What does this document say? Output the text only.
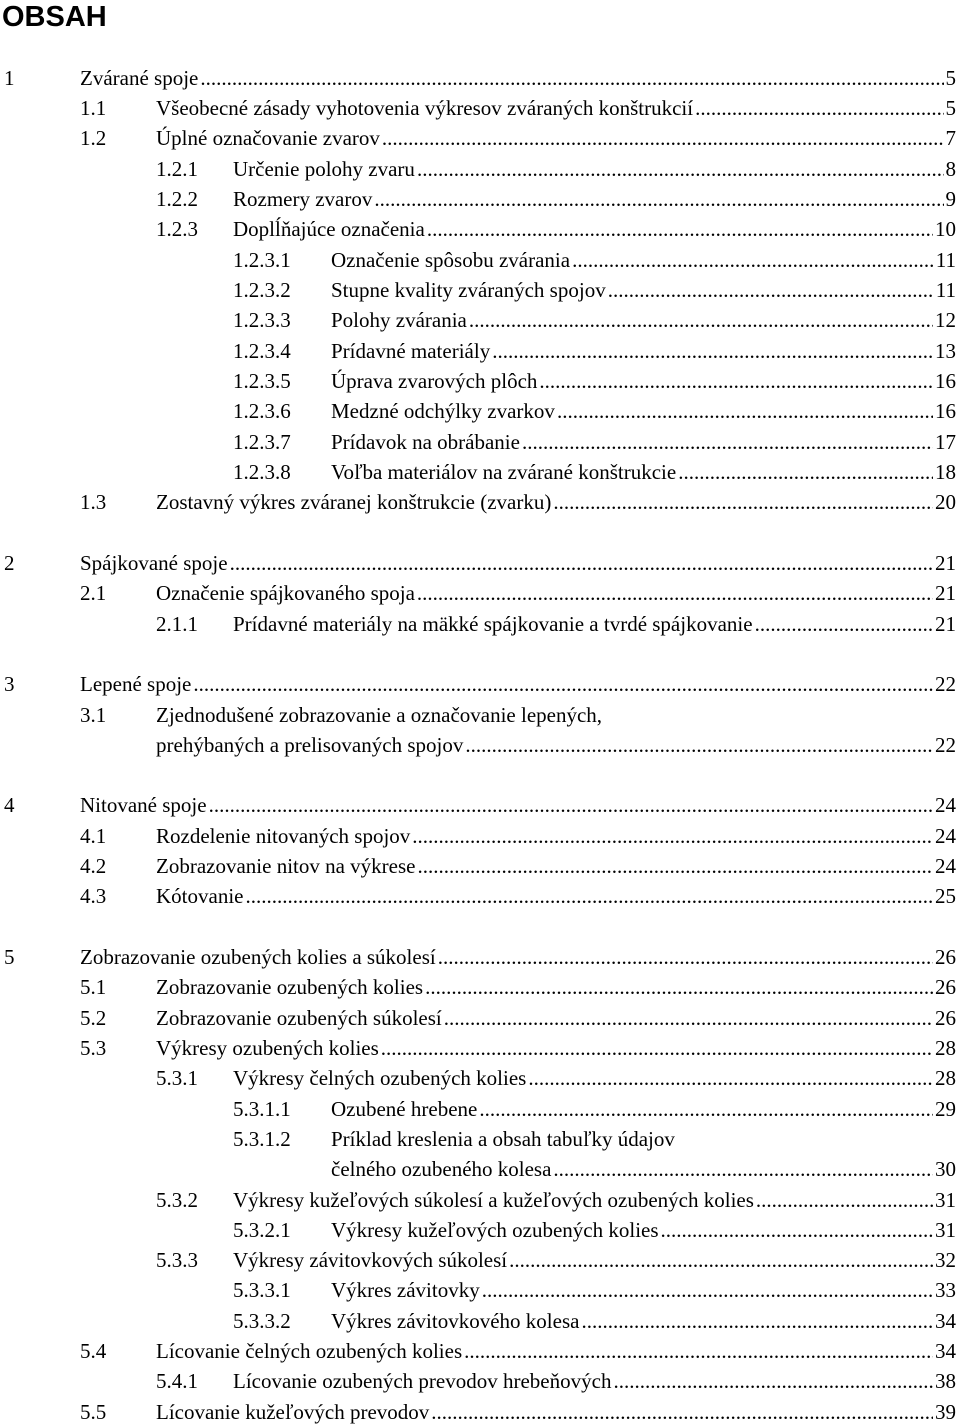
OBSAH
1	Zvárané spoje .....	5
1.1 Všeobecné zásady vyhotovenia výkresov zváraných konštrukcií .....	5
1.2 Úplné označovanie zvarov .....	7
1.2.1 Určenie polohy zvaru .....	8
1.2.2 Rozmery zvarov .....	9
1.2.3 Doplĺňajúce označenia .....	10
1.2.3.1 Označenie spôsobu zvárania .....	11
1.2.3.2 Stupne kvality zváraných spojov .....	11
1.2.3.3 Polohy zvárania .....	12
1.2.3.4 Prídavné materiály .....	13
1.2.3.5 Úprava zvarových plôch .....	16
1.2.3.6 Medzné odchýlky zvarkov .....	16
1.2.3.7 Prídavok na obrábanie .....	17
1.2.3.8 Voľba materiálov na zvárané konštrukcie .....	18
1.3 Zostavný výkres zváranej konštrukcie (zvarku) .....	20
2	Spájkované spoje .....	21
2.1 Označenie spájkovaného spoja .....	21
2.1.1 Prídavné materiály na mäkké spájkovanie a tvrdé spájkovanie .....	21
3	Lepené spoje .....	22
3.1 Zjednodušené zobrazovanie a označovanie lepených,
prehýbaných a prelisovaných spojov .....	22
4	Nitované spoje .....	24
4.1 Rozdelenie nitovaných spojov .....	24
4.2 Zobrazovanie nitov na výkrese .....	24
4.3 Kótovanie .....	25
5	Zobrazovanie ozubených kolies a súkolesí .....	26
5.1 Zobrazovanie ozubených kolies .....	26
5.2 Zobrazovanie ozubených súkolesí .....	26
5.3 Výkresy ozubených kolies .....	28
5.3.1 Výkresy čelných ozubených kolies .....	28
5.3.1.1 Ozubené hrebene .....	29
5.3.1.2 Príklad kreslenia a obsah tabuľky údajov
čelného ozubeného kolesa .....	30
5.3.2 Výkresy kužeľových súkolesí a kužeľových ozubených kolies .....	31
5.3.2.1 Výkresy kužeľových ozubených kolies .....	31
5.3.3 Výkresy závitovkových súkolesí .....	32
5.3.3.1 Výkres závitovky .....	33
5.3.3.2 Výkres závitovkového kolesa .....	34
5.4 Lícovanie čelných ozubených kolies .....	34
5.4.1 Lícovanie ozubených prevodov hrebeňových .....	38
5.5 Lícovanie kužeľových prevodov .....	39
